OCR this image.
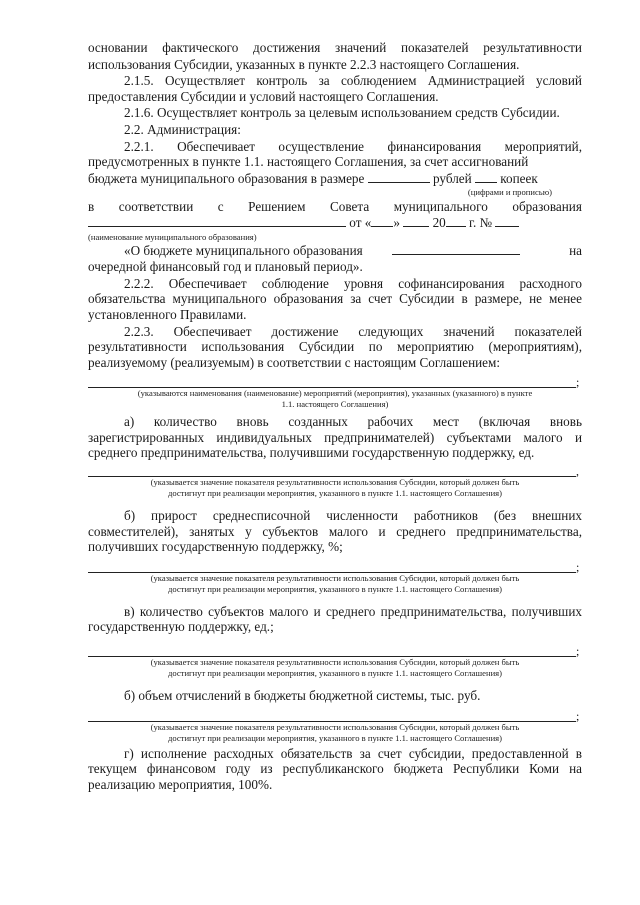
основании фактического достижения значений показателей результативности

использования Субсидии, указанных в пункте 2.2.3 настоящего Соглашения.

2.1.5. Осуществляет контроль за соблюдением Администрацией условий предоставления Субсидии и условий настоящего Соглашения.

2.1.6. Осуществляет контроль за целевым использованием средств Субсидии.

2.2. Администрация:

2.2.1. Обеспечивает осуществление финансирования мероприятий, предусмотренных в пункте 1.1. настоящего Соглашения, за счет ассигнований

бюджета муниципального образования в размере	рублей копеек

(цифрами и прописью)

в соответствии с Решением Совета муниципального образования

от « » 20 г. №

(наименование муниципального образования)

«О бюджете муниципального образования	на

очередной финансовый год и плановый период».

2.2.2. Обеспечивает соблюдение уровня софинансирования расходного обязательства муниципального образования за счет Субсидии в размере, не менее установленного Правилами.

2.2.3. Обеспечивает достижение следующих значений показателей результативности использования Субсидии по мероприятию (мероприятиям), реализуемому (реализуемым) в соответствии с настоящим Соглашением:

;

(указываются наименования (наименование) мероприятий (мероприятия), указанных (указанного) в пункте
1.1. настоящего Соглашения)

а) количество вновь созданных рабочих мест (включая вновь зарегистрированных индивидуальных предпринимателей) субъектами малого и среднего предпринимательства, получившими государственную поддержку, ед.

,

(указывается значение показателя результативности использования Субсидии, который должен быть
достигнут при реализации мероприятия, указанного в пункте 1.1. настоящего Соглашения)

б) прирост среднесписочной численности работников (без внешних совместителей), занятых у субъектов малого и среднего предпринимательства, получивших государственную поддержку, %;

;

(указывается значение показателя результативности использования Субсидии, который должен быть
достигнут при реализации мероприятия, указанного в пункте 1.1. настоящего Соглашения)

в) количество субъектов малого и среднего предпринимательства, получивших государственную поддержку, ед.;

;

(указывается значение показателя результативности использования Субсидии, который должен быть
достигнут при реализации мероприятия, указанного в пункте 1.1. настоящего Соглашения)

б) объем отчислений в бюджеты бюджетной системы, тыс. руб.

;

(указывается значение показателя результативности использования Субсидии, который должен быть
достигнут при реализации мероприятия, указанного в пункте 1.1. настоящего Соглашения)

г) исполнение расходных обязательств за счет субсидии, предоставленной в текущем финансовом году из республиканского бюджета Республики Коми на реализацию мероприятия, 100%.
